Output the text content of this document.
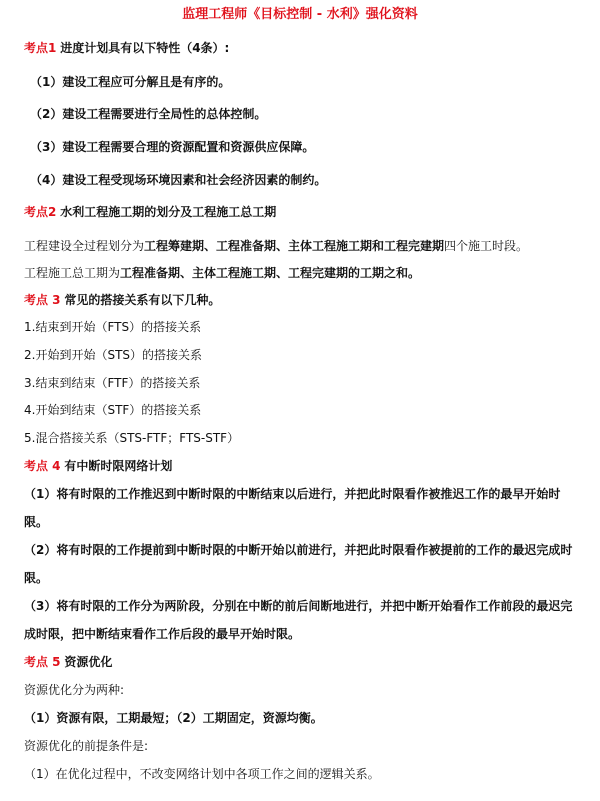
监理工程师《目标控制 - 水利》强化资料
考点1 进度计划具有以下特性（4条）:
（1）建设工程应可分解且是有序的。
（2）建设工程需要进行全局性的总体控制。
（3）建设工程需要合理的资源配置和资源供应保障。
（4）建设工程受现场环境因素和社会经济因素的制约。
考点2 水利工程施工期的划分及工程施工总工期
工程建设全过程划分为工程筹建期、工程准备期、主体工程施工期和工程完建期四个施工时段。
工程施工总工期为工程准备期、主体工程施工期、工程完建期的工期之和。
考点 3 常见的搭接关系有以下几种。
1.结束到开始（FTS）的搭接关系
2.开始到开始（STS）的搭接关系
3.结束到结束（FTF）的搭接关系
4.开始到结束（STF）的搭接关系
5.混合搭接关系（STS-FTF；FTS-STF）
考点 4 有中断时限网络计划
（1）将有时限的工作推迟到中断时限的中断结束以后进行，并把此时限看作被推迟工作的最早开始时限。
（2）将有时限的工作提前到中断时限的中断开始以前进行，并把此时限看作被提前的工作的最迟完成时限。
（3）将有时限的工作分为两阶段，分别在中断的前后间断地进行，并把中断开始看作工作前段的最迟完成时限，把中断结束看作工作后段的最早开始时限。
考点 5 资源优化
资源优化分为两种:
（1）资源有限，工期最短；（2）工期固定，资源均衡。
资源优化的前提条件是:
（1）在优化过程中，不改变网络计划中各项工作之间的逻辑关系。
